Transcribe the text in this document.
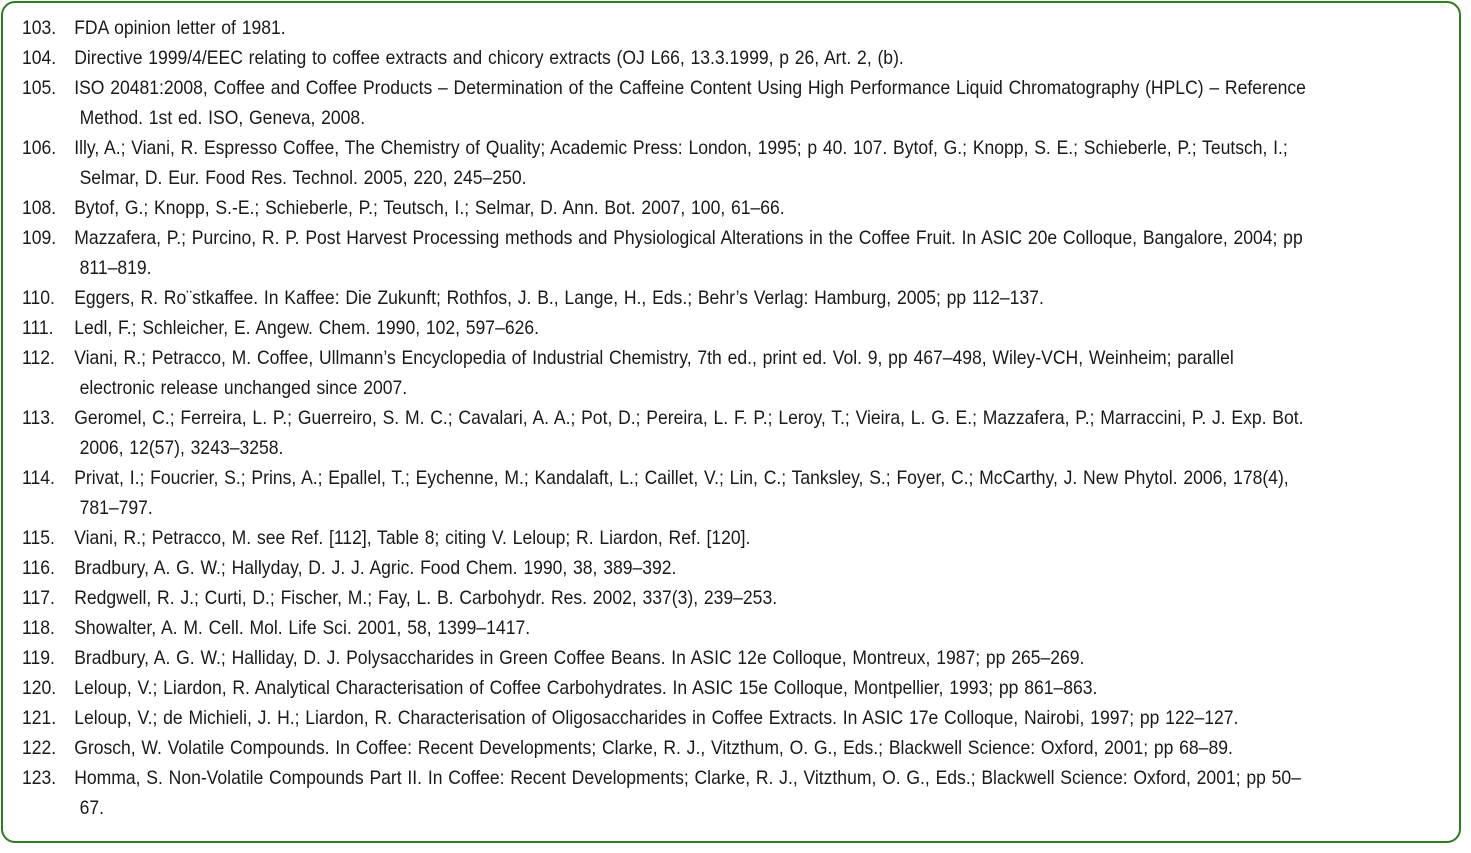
103. FDA opinion letter of 1981.
104. Directive 1999/4/EEC relating to coffee extracts and chicory extracts (OJ L66, 13.3.1999, p 26, Art. 2, (b).
105. ISO 20481:2008, Coffee and Coffee Products – Determination of the Caffeine Content Using High Performance Liquid Chromatography (HPLC) – Reference Method. 1st ed. ISO, Geneva, 2008.
106. Illy, A.; Viani, R. Espresso Coffee, The Chemistry of Quality; Academic Press: London, 1995; p 40. 107. Bytof, G.; Knopp, S. E.; Schieberle, P.; Teutsch, I.; Selmar, D. Eur. Food Res. Technol. 2005, 220, 245–250.
108. Bytof, G.; Knopp, S.-E.; Schieberle, P.; Teutsch, I.; Selmar, D. Ann. Bot. 2007, 100, 61–66.
109. Mazzafera, P.; Purcino, R. P. Post Harvest Processing methods and Physiological Alterations in the Coffee Fruit. In ASIC 20e Colloque, Bangalore, 2004; pp 811–819.
110. Eggers, R. Ro¨stkaffee. In Kaffee: Die Zukunft; Rothfos, J. B., Lange, H., Eds.; Behr’s Verlag: Hamburg, 2005; pp 112–137.
111. Ledl, F.; Schleicher, E. Angew. Chem. 1990, 102, 597–626.
112. Viani, R.; Petracco, M. Coffee, Ullmann’s Encyclopedia of Industrial Chemistry, 7th ed., print ed. Vol. 9, pp 467–498, Wiley-VCH, Weinheim; parallel electronic release unchanged since 2007.
113. Geromel, C.; Ferreira, L. P.; Guerreiro, S. M. C.; Cavalari, A. A.; Pot, D.; Pereira, L. F. P.; Leroy, T.; Vieira, L. G. E.; Mazzafera, P.; Marraccini, P. J. Exp. Bot. 2006, 12(57), 3243–3258.
114. Privat, I.; Foucrier, S.; Prins, A.; Epallel, T.; Eychenne, M.; Kandalaft, L.; Caillet, V.; Lin, C.; Tanksley, S.; Foyer, C.; McCarthy, J. New Phytol. 2006, 178(4), 781–797.
115. Viani, R.; Petracco, M. see Ref. [112], Table 8; citing V. Leloup; R. Liardon, Ref. [120].
116. Bradbury, A. G. W.; Hallyday, D. J. J. Agric. Food Chem. 1990, 38, 389–392.
117. Redgwell, R. J.; Curti, D.; Fischer, M.; Fay, L. B. Carbohydr. Res. 2002, 337(3), 239–253.
118. Showalter, A. M. Cell. Mol. Life Sci. 2001, 58, 1399–1417.
119. Bradbury, A. G. W.; Halliday, D. J. Polysaccharides in Green Coffee Beans. In ASIC 12e Colloque, Montreux, 1987; pp 265–269.
120. Leloup, V.; Liardon, R. Analytical Characterisation of Coffee Carbohydrates. In ASIC 15e Colloque, Montpellier, 1993; pp 861–863.
121. Leloup, V.; de Michieli, J. H.; Liardon, R. Characterisation of Oligosaccharides in Coffee Extracts. In ASIC 17e Colloque, Nairobi, 1997; pp 122–127.
122. Grosch, W. Volatile Compounds. In Coffee: Recent Developments; Clarke, R. J., Vitzthum, O. G., Eds.; Blackwell Science: Oxford, 2001; pp 68–89.
123. Homma, S. Non-Volatile Compounds Part II. In Coffee: Recent Developments; Clarke, R. J., Vitzthum, O. G., Eds.; Blackwell Science: Oxford, 2001; pp 50–67.
